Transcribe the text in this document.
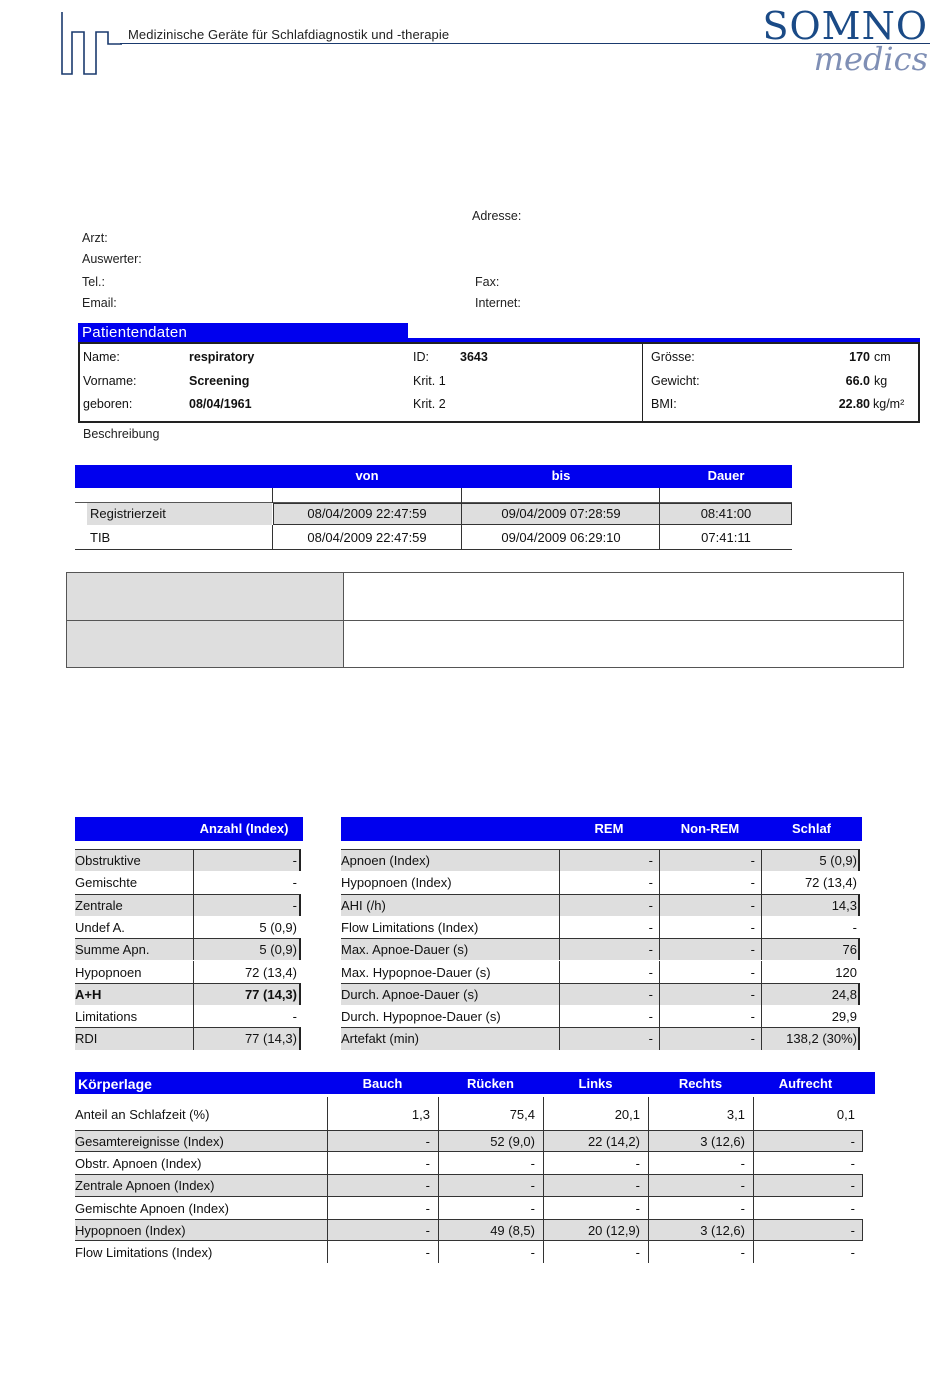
Medizinische Geräte für Schlafdiagnostik und -therapie	SOMNO
medics
Adresse:
Arzt:
Auswerter:
Tel.:	Fax:
Email:	Internet:
Patientendaten
Name:	respiratory
Vorname:	Screening
geboren:	08/04/1961
ID: 3643
Krit. 1
Krit. 2
Grösse:	170 cm
Gewicht:	66.0 kg
BMI:	22.80 kg/m²
Beschreibung
von	bis	Dauer
Registrierzeit	08/04/2009 22:47:59	09/04/2009 07:28:59	08:41:00
TIB	08/04/2009 22:47:59	09/04/2009 06:29:10	07:41:11
Anzahl (Index)
Obstruktive	-
Gemischte	-
Zentrale	-
Undef A.	5 (0,9)
Summe Apn.	5 (0,9)
Hypopnoen	72 (13,4)
A+H	77 (14,3)
Limitations	-
RDI	77 (14,3)
REM	Non-REM	Schlaf
Apnoen (Index)	-	-	5 (0,9)
Hypopnoen (Index)	-	-	72 (13,4)
AHI (/h)	-	-	14,3
Flow Limitations (Index)	-	-	-
Max. Apnoe-Dauer (s)	-	-	76
Max. Hypopnoe-Dauer (s)	-	-	120
Durch. Apnoe-Dauer (s)	-	-	24,8
Durch. Hypopnoe-Dauer (s)	-	-	29,9
Artefakt (min)	-	-	138,2 (30%)
Körperlage	Bauch	Rücken	Links	Rechts	Aufrecht
Anteil an Schlafzeit (%)	1,3	75,4	20,1	3,1	0,1
Gesamtereignisse (Index)	-	52 (9,0)	22 (14,2)	3 (12,6)	-
Obstr. Apnoen (Index)	-	-	-	-	-
Zentrale Apnoen (Index)	-	-	-	-	-
Gemischte Apnoen (Index)	-	-	-	-	-
Hypopnoen (Index)	-	49 (8,5)	20 (12,9)	3 (12,6)	-
Flow Limitations (Index)	-	-	-	-	-
